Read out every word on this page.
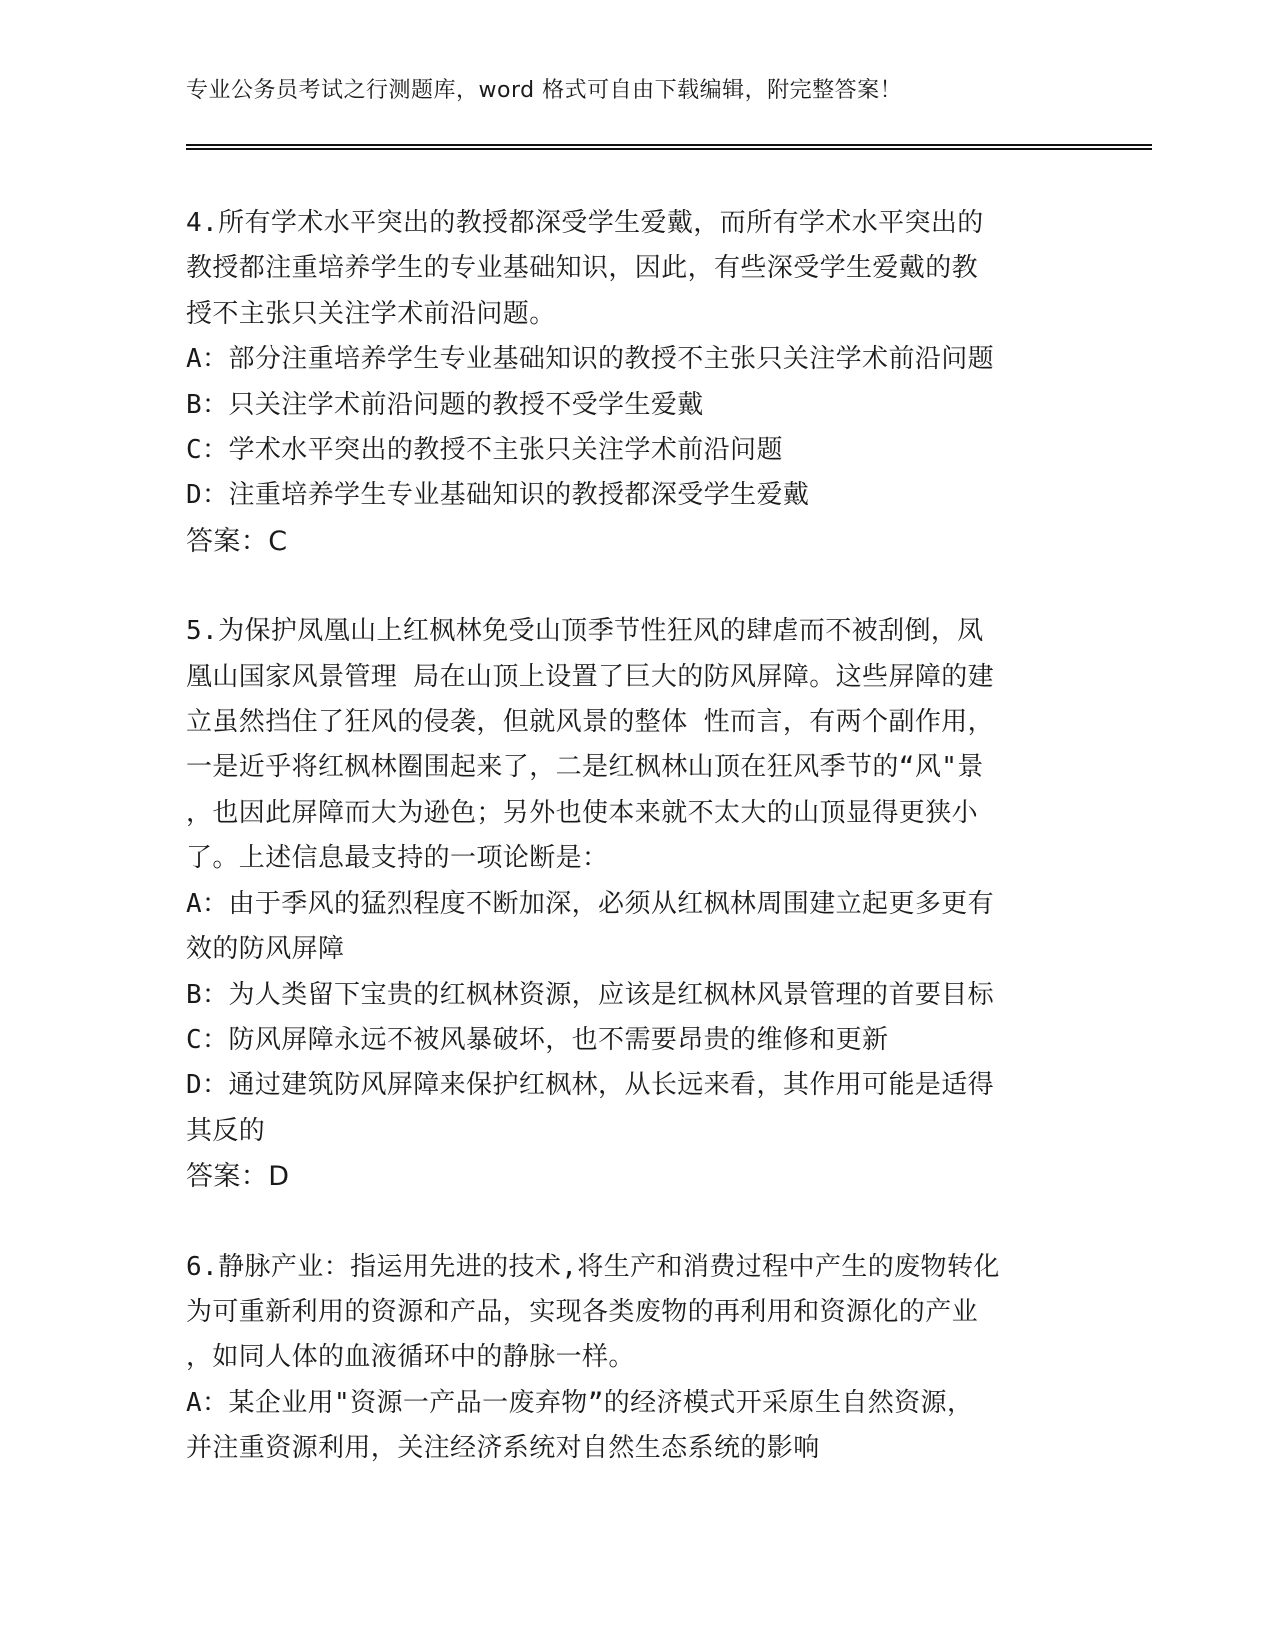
专业公务员考试之行测题库，word 格式可自由下载编辑，附完整答案！
4.所有学术水平突出的教授都深受学生爱戴，而所有学术水平突出的
教授都注重培养学生的专业基础知识，因此，有些深受学生爱戴的教
授不主张只关注学术前沿问题。
A：部分注重培养学生专业基础知识的教授不主张只关注学术前沿问题
B：只关注学术前沿问题的教授不受学生爱戴
C：学术水平突出的教授不主张只关注学术前沿问题
D：注重培养学生专业基础知识的教授都深受学生爱戴
答案：C
5.为保护凤凰山上红枫林免受山顶季节性狂风的肆虐而不被刮倒，凤
凰山国家风景管理 局在山顶上设置了巨大的防风屏障。这些屏障的建
立虽然挡住了狂风的侵袭，但就风景的整体 性而言，有两个副作用，
一是近乎将红枫林圈围起来了，二是红枫林山顶在狂风季节的“风"景
，也因此屏障而大为逊色；另外也使本来就不太大的山顶显得更狭小
了。上述信息最支持的一项论断是：
A：由于季风的猛烈程度不断加深，必须从红枫林周围建立起更多更有
效的防风屏障
B：为人类留下宝贵的红枫林资源，应该是红枫林风景管理的首要目标
C：防风屏障永远不被风暴破坏，也不需要昂贵的维修和更新
D：通过建筑防风屏障来保护红枫林，从长远来看，其作用可能是适得
其反的
答案：D
6.静脉产业：指运用先进的技术,将生产和消费过程中产生的废物转化
为可重新利用的资源和产品，实现各类废物的再利用和资源化的产业
，如同人体的血液循环中的静脉一样。
A：某企业用"资源一产品一废弃物”的经济模式开采原生自然资源，
并注重资源利用，关注经济系统对自然生态系统的影响
